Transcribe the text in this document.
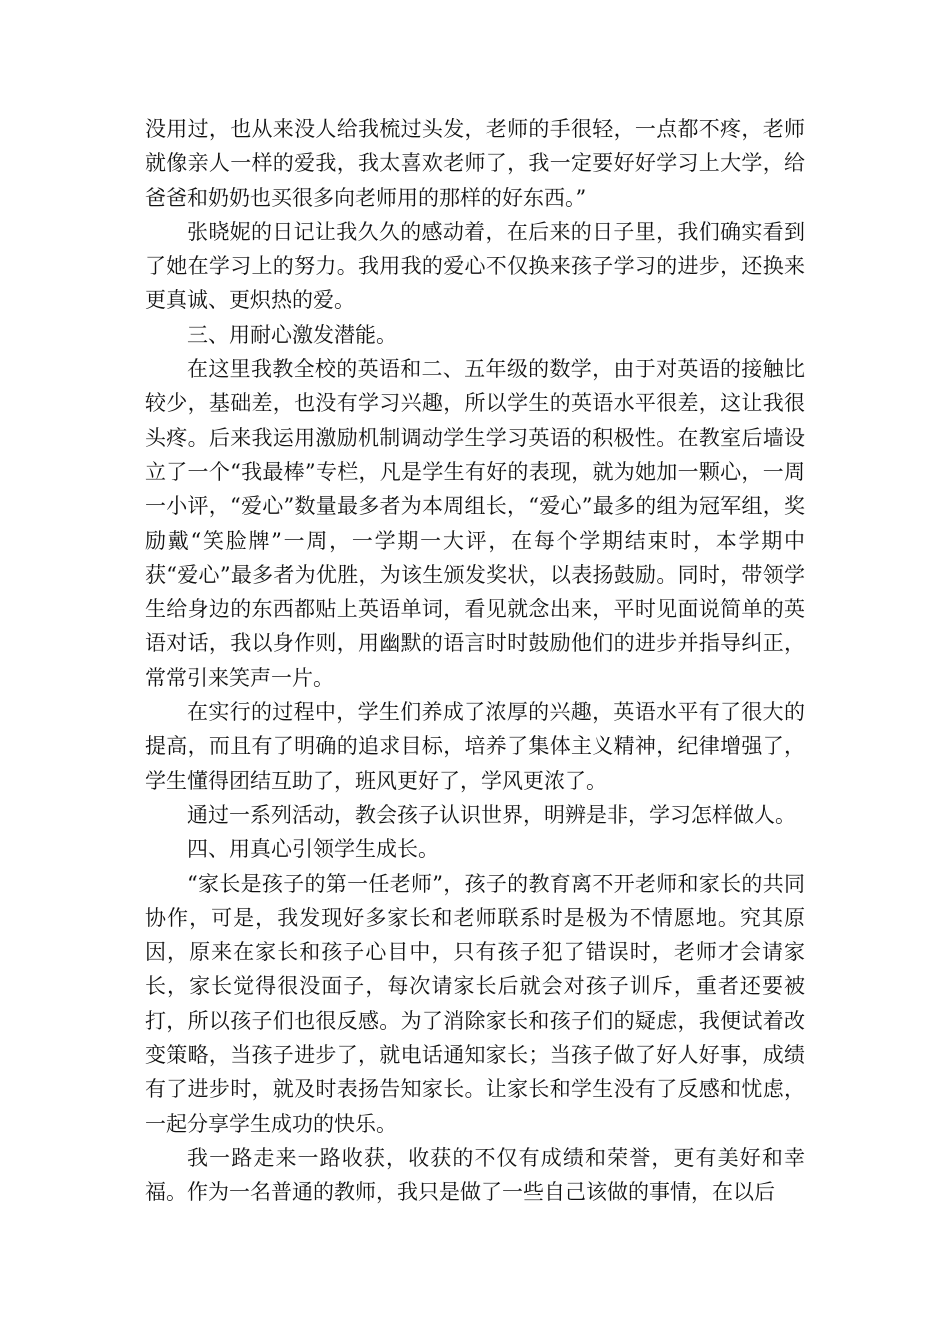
没用过，也从来没人给我梳过头发，老师的手很轻，一点都不疼，老师就像亲人一样的爱我，我太喜欢老师了，我一定要好好学习上大学，给爸爸和奶奶也买很多向老师用的那样的好东西。”

张晓妮的日记让我久久的感动着，在后来的日子里，我们确实看到了她在学习上的努力。我用我的爱心不仅换来孩子学习的进步，还换来更真诚、更炽热的爱。

三、用耐心激发潜能。

在这里我教全校的英语和二、五年级的数学，由于对英语的接触比较少，基础差，也没有学习兴趣，所以学生的英语水平很差，这让我很头疼。后来我运用激励机制调动学生学习英语的积极性。在教室后墙设立了一个“我最棒”专栏，凡是学生有好的表现，就为她加一颗心，一周一小评，“爱心”数量最多者为本周组长，“爱心”最多的组为冠军组，奖励戴“笑脸牌”一周，一学期一大评，在每个学期结束时，本学期中获“爱心”最多者为优胜，为该生颁发奖状，以表扬鼓励。同时，带领学生给身边的东西都贴上英语单词，看见就念出来，平时见面说简单的英语对话，我以身作则，用幽默的语言时时鼓励他们的进步并指导纠正，常常引来笑声一片。

在实行的过程中，学生们养成了浓厚的兴趣，英语水平有了很大的提高，而且有了明确的追求目标，培养了集体主义精神，纪律增强了，学生懂得团结互助了，班风更好了，学风更浓了。

通过一系列活动，教会孩子认识世界，明辨是非，学习怎样做人。

四、用真心引领学生成长。

“家长是孩子的第一任老师”，孩子的教育离不开老师和家长的共同协作，可是，我发现好多家长和老师联系时是极为不情愿地。究其原因，原来在家长和孩子心目中，只有孩子犯了错误时，老师才会请家长，家长觉得很没面子，每次请家长后就会对孩子训斥，重者还要被打，所以孩子们也很反感。为了消除家长和孩子们的疑虑，我便试着改变策略，当孩子进步了，就电话通知家长；当孩子做了好人好事，成绩有了进步时，就及时表扬告知家长。让家长和学生没有了反感和忧虑，一起分享学生成功的快乐。

我一路走来一路收获，收获的不仅有成绩和荣誉，更有美好和幸福。作为一名普通的教师，我只是做了一些自己该做的事情，在以后
